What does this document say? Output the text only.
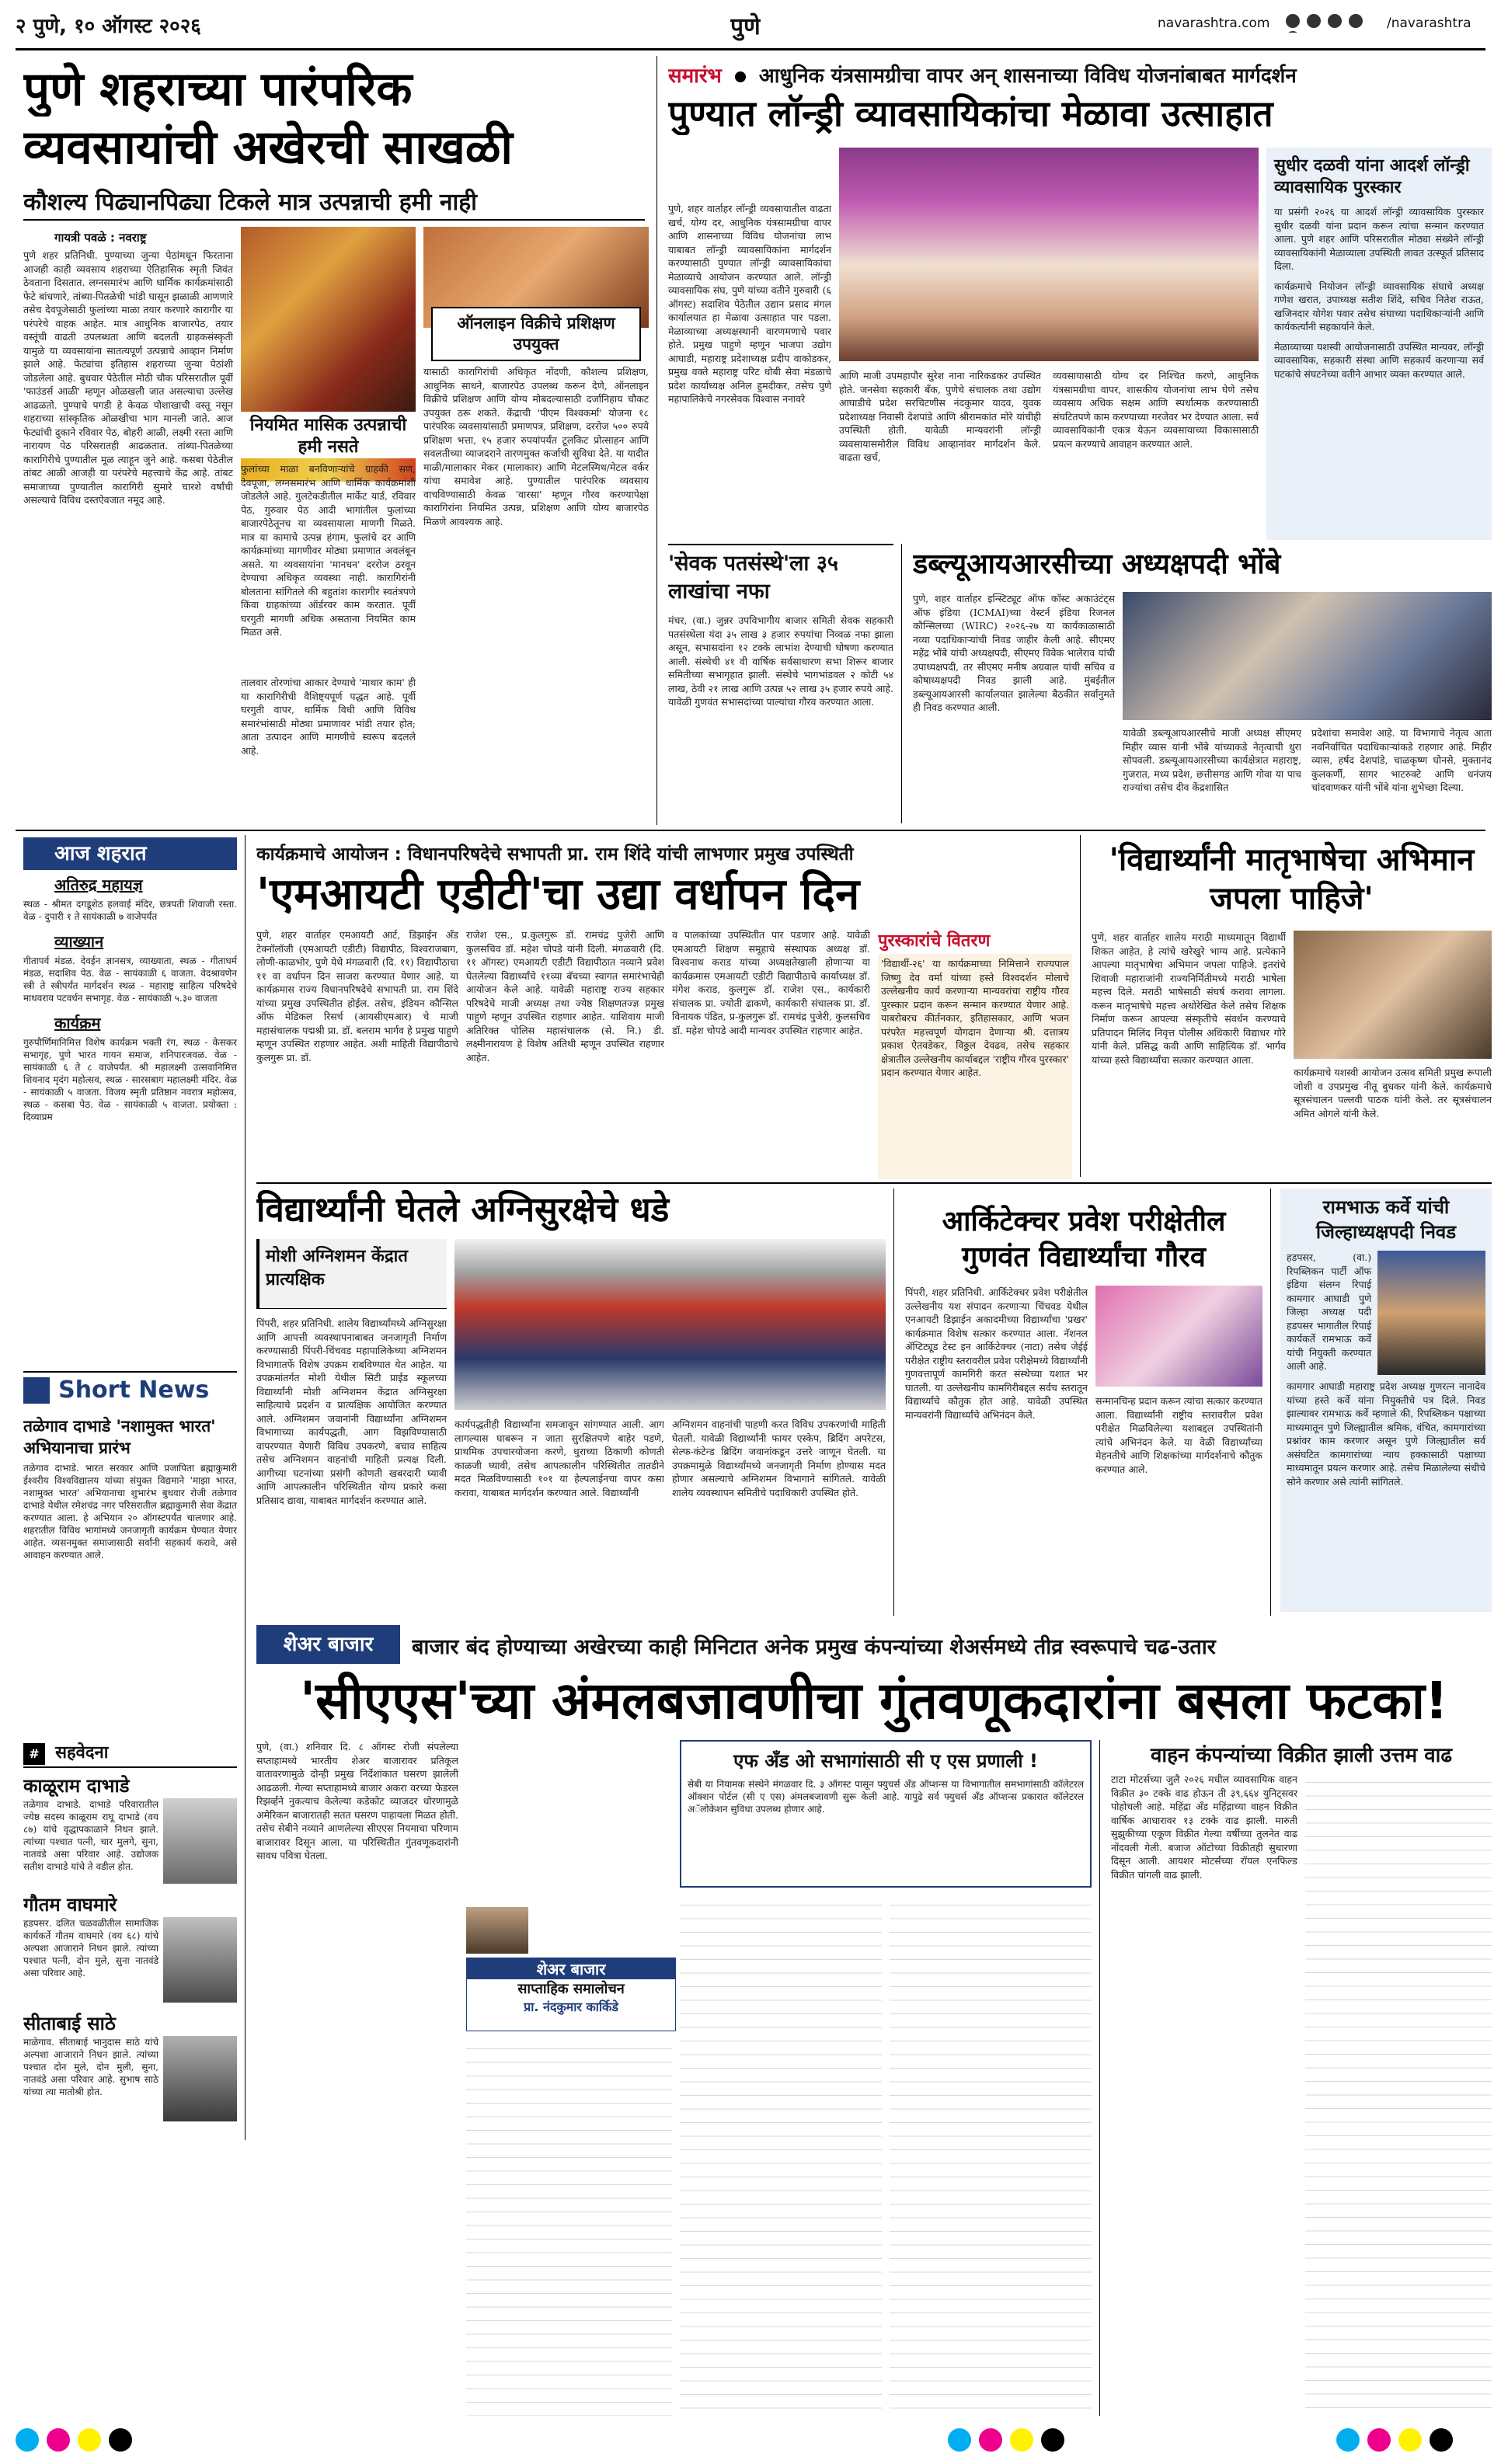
२ पुणे, १० ऑगस्ट २०२६	पुणे	navarashtra.com
	/navarashtra
पुणे शहराच्या पारंपरिक
व्यवसायांची अखेरची साखळी
कौशल्य पिढ्यानपिढ्या टिकले मात्र उत्पन्नाची हमी नाही
गायत्री पवळे : नवराष्ट्र
पुणे शहर प्रतिनिधी. पुण्याच्या जुन्या पेठांमधून फिरताना आजही काही व्यवसाय शहराच्या ऐतिहासिक स्मृती जिवंत ठेवताना दिसतात. लग्नसमारंभ आणि धार्मिक कार्यक्रमांसाठी फेटे बांधणारे, तांब्या-पितळेची भांडी घासून झळाळी आणणारे तसेच देवपूजेसाठी फुलांच्या माळा तयार करणारे कारागीर या परंपरेचे वाहक आहेत. मात्र आधुनिक बाजारपेठ, तयार वस्तूंची वाढती उपलब्धता आणि बदलती ग्राहकसंस्कृती यामुळे या व्यवसायांना सातत्यपूर्ण उत्पन्नाचे आव्हान निर्माण झाले आहे. फेट्यांचा इतिहास शहराच्या जुन्या पेठांशी जोडलेला आहे. बुधवार पेठेतील मोठी चौक परिसरातील पूर्वी 'फाउंडर्स आळी' म्हणून ओळखली जात असल्याचा उल्लेख आढळतो. पुण्याचे पगडी हे केवळ पोशाखाची वस्तू नसून शहराच्या सांस्कृतिक ओळखीचा भाग मानली जाते. आज फेट्यांची दुकाने रविवार पेठ, बोहरी आळी, लक्ष्मी रस्ता आणि नारायण पेठ परिसरातही आढळतात. तांब्या-पितळेच्या कारागिरीचे पुण्यातील मूळ त्याहून जुने आहे. कसबा पेठेतील तांबट आळी आजही या परंपरेचे महत्त्वाचे केंद्र आहे. तांबट समाजाच्या पुण्यातील कारागिरी सुमारे चारशे वर्षांची असल्याचे विविध दस्तऐवजात नमूद आहे.
नियमित मासिक उत्पन्नाची हमी नसते
फुलांच्या माळा बनविणाऱ्यांचे ग्राहकी सण, देवपूजा, लग्नसमारंभ आणि धार्मिक कार्यक्रमांशी जोडलेले आहे. गुलटेकडीतील मार्केट यार्ड, रविवार पेठ, गुरुवार पेठ आदी भागांतील फुलांच्या बाजारपेठेतूनच या व्यवसायाला माणगी मिळते. मात्र या कामाचे उत्पन्न हंगाम, फुलांचे दर आणि कार्यक्रमांच्या मागणीवर मोठ्या प्रमाणात अवलंबून असते. या व्यवसायांना 'मानधन' दररोज ठरवून देण्याचा अधिकृत व्यवस्था नाही. कारागिरांनी बोलताना सांगितले की बहुतांश कारागीर स्वतंत्रपणे किंवा ग्राहकांच्या ऑर्डरवर काम करतात. पूर्वी घरगुती मागणी अधिक असताना नियमित काम मिळत असे.
तालवार तोरणांचा आकार देण्याचे 'माथार काम' ही या कारागिरीची वैशिष्ट्यपूर्ण पद्धत आहे. पूर्वी घरगुती वापर, धार्मिक विधी आणि विविध समारंभांसाठी मोठ्या प्रमाणावर भांडी तयार होत; आता उत्पादन आणि मागणीचे स्वरूप बदलले आहे.
ऑनलाइन विक्रीचे प्रशिक्षण उपयुक्त
यासाठी कारागिरांची अधिकृत नोंदणी, कौशल्य प्रशिक्षण, आधुनिक साधने, बाजारपेठ उपलब्ध करून देणे, ऑनलाइन विक्रीचे प्रशिक्षण आणि योग्य मोबदल्यासाठी दर्जानिहाय चौकट उपयुक्त ठरू शकते. केंद्राची 'पीएम विश्वकर्मा' योजना १८ पारंपरिक व्यवसायांसाठी प्रमाणपत्र, प्रशिक्षण, दररोज ५०० रुपये प्रशिक्षण भत्ता, १५ हजार रुपयांपर्यंत टूलकिट प्रोत्साहन आणि सवलतीच्या व्याजदराने तारणमुक्त कर्जाची सुविधा देते. या यादीत माळी/मालाकार मेकर (मालाकार) आणि मेटलस्मिथ/मेटल वर्कर यांचा समावेश आहे. पुण्यातील पारंपरिक व्यवसाय वाचविण्यासाठी केवळ 'वारसा' म्हणून गौरव करण्यापेक्षा कारागिरांना नियमित उत्पन्न, प्रशिक्षण आणि योग्य बाजारपेठ मिळणे आवश्यक आहे.
समारंभ आधुनिक यंत्रसामग्रीचा वापर अन् शासनाच्या विविध योजनांबाबत मार्गदर्शन
पुण्यात लॉन्ड्री व्यावसायिकांचा मेळावा उत्साहात
पुणे, शहर वार्ताहर लॉन्ड्री व्यवसायातील वाढता खर्च, योग्य दर, आधुनिक यंत्रसामग्रीचा वापर आणि शासनाच्या विविध योजनांचा लाभ याबाबत लॉन्ड्री व्यावसायिकांना मार्गदर्शन करण्यासाठी पुण्यात लॉन्ड्री व्यावसायिकांचा मेळाव्याचे आयोजन करण्यात आले. लॉन्ड्री व्यावसायिक संघ, पुणे यांच्या वतीने गुरुवारी (६ ऑगस्ट) सदाशिव पेठेतील उद्यान प्रसाद मंगल कार्यालयात हा मेळावा उत्साहात पार पडला. मेळाव्याच्या अध्यक्षस्थानी वारणमणाचे पवार होते. प्रमुख पाहुणे म्हणून भाजपा उद्योग आघाडी, महाराष्ट्र प्रदेशाध्यक्ष प्रदीप वाकोडकर, प्रमुख वक्ते महाराष्ट्र परिट धोबी सेवा मंडळाचे प्रदेश कार्याध्यक्ष अनिल हुमदीकर, तसेच पुणे महापालिकेचे नगरसेवक विश्वास ननावरे
आणि माजी उपमहापौर सुरेश नाना नारिकडकर उपस्थित होते. जनसेवा सहकारी बँक, पुणेचे संचालक तथा उद्योग आघाडीचे प्रदेश सरचिटणीस नंदकुमार यादव, युवक प्रदेशाध्यक्ष निवासी देशपांडे आणि श्रीरामकांत मोरे यांचीही उपस्थिती होती. यावेळी मान्यवरांनी लॉन्ड्री व्यवसायासमोरील विविध आव्हानांवर मार्गदर्शन केले. वाढता खर्च,
व्यवसायासाठी योग्य दर निश्चित करणे, आधुनिक यंत्रसामग्रीचा वापर, शासकीय योजनांचा लाभ घेणे तसेच व्यवसाय अधिक सक्षम आणि स्पर्धात्मक करण्यासाठी संघटितपणे काम करण्याच्या गरजेवर भर देण्यात आला. सर्व व्यावसायिकांनी एकत्र येऊन व्यवसायाच्या विकासासाठी प्रयत्न करण्याचे आवाहन करण्यात आले.
सुधीर दळवी यांना आदर्श लॉन्ड्री व्यावसायिक पुरस्कार
या प्रसंगी २०२६ या आदर्श लॉन्ड्री व्यावसायिक पुरस्कार सुधीर दळवी यांना प्रदान करून त्यांचा सन्मान करण्यात आला. पुणे शहर आणि परिसरातील मोठ्या संख्येने लॉन्ड्री व्यावसायिकांनी मेळाव्याला उपस्थिती लावत उत्स्फूर्त प्रतिसाद दिला.
कार्यक्रमाचे नियोजन लॉन्ड्री व्यावसायिक संघाचे अध्यक्ष गणेश खरात, उपाध्यक्ष सतीश शिंदे, सचिव नितेश राऊत, खजिनदार योगेश पवार तसेच संघाच्या पदाधिकाऱ्यांनी आणि कार्यकर्त्यांनी सहकार्याने केले.
मेळाव्याच्या यशस्वी आयोजनासाठी उपस्थित मान्यवर, लॉन्ड्री व्यावसायिक, सहकारी संस्था आणि सहकार्य करणाऱ्या सर्व घटकांचे संघटनेच्या वतीने आभार व्यक्त करण्यात आले.
'सेवक पतसंस्थे'ला ३५ लाखांचा नफा
मंचर, (वा.) जुन्नर उपविभागीय बाजार समिती सेवक सहकारी पतसंस्थेला यंदा ३५ लाख ३ हजार रुपयांचा निव्वळ नफा झाला असून, सभासदांना १२ टक्के लाभांश देण्याची घोषणा करण्यात आली. संस्थेची ४१ वी वार्षिक सर्वसाधारण सभा शिरूर बाजार समितीच्या सभागृहात झाली. संस्थेचे भागभांडवल २ कोटी ५४ लाख, ठेवी २१ लाख आणि उत्पन्न ५२ लाख ३५ हजार रुपये आहे. यावेळी गुणवंत सभासदांच्या पाल्यांचा गौरव करण्यात आला.
डब्ल्यूआयआरसीच्या अध्यक्षपदी भोंबे
पुणे, शहर वार्ताहर इन्स्टिट्यूट ऑफ कॉस्ट अकाउंटंट्स ऑफ इंडिया (ICMAI)च्या वेस्टर्न इंडिया रिजनल कौन्सिलच्या (WIRC) २०२६-२७ या कार्यकाळासाठी नव्या पदाधिकाऱ्यांची निवड जाहीर केली आहे. सीएमए महेंद्र भोंबे यांची अध्यक्षपदी, सीएमए विवेक भालेराव यांची उपाध्यक्षपदी, तर सीएमए मनीष अग्रवाल यांची सचिव व कोषाध्यक्षपदी निवड झाली आहे. मुंबईतील डब्ल्यूआयआरसी कार्यालयात झालेल्या बैठकीत सर्वानुमते ही निवड करण्यात आली.
यावेळी डब्ल्यूआयआरसीचे माजी अध्यक्ष सीएमए मिहीर व्यास यांनी भोंबे यांच्याकडे नेतृत्वाची धुरा सोपवली. डब्ल्यूआयआरसीच्या कार्यक्षेत्रात महाराष्ट्र, गुजरात, मध्य प्रदेश, छत्तीसगड आणि गोवा या पाच राज्यांचा तसेच दीव केंद्रशासित
प्रदेशांचा समावेश आहे. या विभागाचे नेतृत्व आता नवनिर्वाचित पदाधिकाऱ्यांकडे राहणार आहे. मिहीर व्यास, हर्षद देशपांडे, चाळकृष्ण घोनसे, मुक्तानंद कुलकर्णी, सागर भाटरुक्टे आणि धनंजय चांदवाणकर यांनी भोंबे यांना शुभेच्छा दिल्या.
आज शहरात
अतिरुद्र महायज्ञ
स्थळ - श्रीमत दगडूशेठ हलवाई मंदिर, छत्रपती शिवाजी रस्ता. वेळ - दुपारी १ ते सायंकाळी ७ वाजेपर्यंत
व्याख्यान
गीतापर्व मंडळ. देवईन ज्ञानसत्र, व्याख्याता, स्थळ - गीताधर्म मंडळ, सदाशिव पेठ. वेळ - सायंकाळी ६ वाजता. वेदश्रावणेन स्त्री ते स्त्रीपर्यंत मार्गदर्शन स्थळ - महाराष्ट्र साहित्य परिषदेचे माधवराव पटवर्धन सभागृह. वेळ - सायंकाळी ५.३० वाजता
कार्यक्रम
गुरुपौर्णिमानिमित्त विशेष कार्यक्रम भक्ती रंग, स्थळ - केसकर सभागृह, पुणे भारत गायन समाज, शनिपारजवळ. वेळ - सायंकाळी ६ ते ८ वाजेपर्यंत. श्री महालक्ष्मी उत्सवानिमित्त शिवनाद मृदंग महोत्सव, स्थळ - सारसबाग महालक्ष्मी मंदिर. वेळ - सायंकाळी ५ वाजता. विजय स्मृती प्रतिष्ठान नवरात्र महोत्सव, स्थळ - कसबा पेठ. वेळ - सायंकाळी ५ वाजता. प्रयोक्ता : दिव्याप्रम
कार्यक्रमाचे आयोजन : विधानपरिषदेचे सभापती प्रा. राम शिंदे यांची लाभणार प्रमुख उपस्थिती
'एमआयटी एडीटी'चा उद्या वर्धापन दिन
पुणे, शहर वार्ताहर एमआयटी आर्ट, डिझाईन अँड टेक्नॉलॉजी (एमआयटी एडीटी) विद्यापीठ, विश्वराजबाग, लोणी-काळभोर, पुणे येथे मंगळवारी (दि. ११) विद्यापीठाचा ११ वा वर्धापन दिन साजरा करण्यात येणार आहे. या कार्यक्रमास राज्य विधानपरिषदेचे सभापती प्रा. राम शिंदे यांच्या प्रमुख उपस्थितीत होईल. तसेच, इंडियन कौन्सिल ऑफ मेडिकल रिसर्च (आयसीएमआर) चे माजी महासंचालक पद्मश्री प्रा. डॉ. बलराम भार्गव हे प्रमुख पाहुणे म्हणून उपस्थित राहणार आहेत. अशी माहिती विद्यापीठाचे कुलगुरू प्रा. डॉ.
राजेश एस., प्र.कुलगुरू डॉ. रामचंद्र पुजेरी आणि कुलसचिव डॉ. महेश चोपडे यांनी दिली. मंगळवारी (दि. ११ ऑगस्ट) एमआयटी एडीटी विद्यापीठात नव्याने प्रवेश घेतलेल्या विद्यार्थ्यांचे ११व्या बॅचच्या स्वागत समारंभाचेही आयोजन केले आहे. यावेळी महाराष्ट्र राज्य सहकार परिषदेचे माजी अध्यक्ष तथा ज्येष्ठ शिक्षणतज्ज्ञ प्रमुख पाहुणे म्हणून उपस्थित राहणार आहेत. याशिवाय माजी अतिरिक्त पोलिस महासंचालक (से. नि.) डी. लक्ष्मीनारायण हे विशेष अतिथी म्हणून उपस्थित राहणार आहेत.
व पालकांच्या उपस्थितीत पार पडणार आहे. यावेळी एमआयटी शिक्षण समूहाचे संस्थापक अध्यक्ष डॉ. विश्वनाथ कराड यांच्या अध्यक्षतेखाली होणाऱ्या या कार्यक्रमास एमआयटी एडीटी विद्यापीठाचे कार्याध्यक्ष डॉ. मंगेश कराड, कुलगुरू डॉ. राजेश एस., कार्यकारी संचालक प्रा. ज्योती ढाकणे, कार्यकारी संचालक प्रा. डॉ. विनायक पंडित, प्र-कुलगुरू डॉ. रामचंद्र पुजेरी, कुलसचिव डॉ. महेश चोपडे आदी मान्यवर उपस्थित राहणार आहेत.
पुरस्कारांचे वितरण
'विद्यार्थी-२६' या कार्यक्रमाच्या निमित्ताने राज्यपाल जिष्णु देव वर्मा यांच्या हस्ते विश्वदर्शन मोलाचे उल्लेखनीय कार्य करणाऱ्या मान्यवरांचा राष्ट्रीय गौरव पुरस्कार प्रदान करून सन्मान करण्यात येणार आहे. याबरोबरच कीर्तनकार, इतिहासकार, आणि भजन परंपरेत महत्त्वपूर्ण योगदान देणाऱ्या श्री. दत्तात्रय प्रकाश ऐतवडेकर, विठ्ठल देवढव, तसेच सहकार क्षेत्रातील उल्लेखनीय कार्याबद्दल 'राष्ट्रीय गौरव पुरस्कार' प्रदान करण्यात येणार आहेत.
'विद्यार्थ्यांनी मातृभाषेचा अभिमान जपला पाहिजे'
पुणे, शहर वार्ताहर शालेय मराठी माध्यमातून विद्यार्थी शिकत आहेत, हे त्यांचे खरेखुरे भाग्य आहे. प्रत्येकाने आपल्या मातृभाषेचा अभिमान जपला पाहिजे. इतरांचे शिवाजी महाराजांनी राज्यनिर्मितीमध्ये मराठी भाषेला महत्त्व दिले. मराठी भाषेसाठी संघर्ष करावा लागला. करून मातृभाषेचे महत्त्व अधोरेखित केले तसेच शिक्षक निर्माण करून आपल्या संस्कृतीचे संवर्धन करण्याचे प्रतिपादन मिलिंद निवृत्त पोलीस अधिकारी विद्याधर गोरे यांनी केले. प्रसिद्ध कवी आणि साहित्यिक डॉ. भार्गव यांच्या हस्ते विद्यार्थ्यांचा सत्कार करण्यात आला.
कार्यक्रमाचे यशस्वी आयोजन उत्सव समिती प्रमुख रूपाली जोशी व उपप्रमुख नीतू बुधकर यांनी केले. कार्यक्रमाचे सूत्रसंचालन पल्लवी पाठक यांनी केले. तर सूत्रसंचालन अमित ओगले यांनी केले.
विद्यार्थ्यांनी घेतले अग्निसुरक्षेचे धडे
मोशी अग्निशमन केंद्रात प्रात्यक्षिक
पिंपरी, शहर प्रतिनिधी. शालेय विद्यार्थ्यांमध्ये अग्निसुरक्षा आणि आपत्ती व्यवस्थापनाबाबत जनजागृती निर्माण करण्यासाठी पिंपरी-चिंचवड महापालिकेच्या अग्निशमन विभागातर्फे विशेष उपक्रम राबविण्यात येत आहेत. या उपक्रमांतर्गत मोशी येथील सिटी प्राईड स्कूलच्या विद्यार्थ्यांनी मोशी अग्निशमन केंद्रात अग्निसुरक्षा साहित्याचे प्रदर्शन व प्रात्यक्षिक आयोजित करण्यात आले. अग्निशमन जवानांनी विद्यार्थ्यांना अग्निशमन विभागाच्या कार्यपद्धती, आग विझविण्यासाठी वापरण्यात येणारी विविध उपकरणे, बचाव साहित्य तसेच अग्निशमन वाहनांची माहिती प्रत्यक्ष दिली. आगीच्या घटनांच्या प्रसंगी कोणती खबरदारी घ्यावी आणि आपत्कालीन परिस्थितीत योग्य प्रकारे कसा प्रतिसाद द्यावा, याबाबत मार्गदर्शन करण्यात आले.
कार्यपद्धतीही विद्यार्थ्यांना समजावून सांगण्यात आली. आग लागल्यास घाबरून न जाता सुरक्षितपणे बाहेर पडणे, प्राथमिक उपचारयोजना करणे, धुराच्या ठिकाणी कोणती काळजी घ्यावी, तसेच आपत्कालीन परिस्थितीत तातडीने मदत मिळविण्यासाठी १०१ या हेल्पलाईनचा वापर कसा करावा, याबाबत मार्गदर्शन करण्यात आले. विद्यार्थ्यांनी
अग्निशमन वाहनांची पाहणी करत विविध उपकरणांची माहिती घेतली. यावेळी विद्यार्थ्यांनी फायर एस्केप, ब्रिदिंग अपरेटस, सेल्फ-कंटेन्ड ब्रिदिंग जवानांकडून उत्तरे जाणून घेतली. या उपक्रमामुळे विद्यार्थ्यांमध्ये जनजागृती निर्माण होण्यास मदत होणार असल्याचे अग्निशमन विभागाने सांगितले. यावेळी शालेय व्यवस्थापन समितीचे पदाधिकारी उपस्थित होते.
आर्किटेक्चर प्रवेश परीक्षेतील गुणवंत विद्यार्थ्यांचा गौरव
पिंपरी, शहर प्रतिनिधी. आर्किटेक्चर प्रवेश परीक्षेतील उल्लेखनीय यश संपादन करणाऱ्या चिंचवड येथील एनआयटी डिझाईन अकादमीच्या विद्यार्थ्यांचा 'प्रखर' कार्यक्रमात विशेष सत्कार करण्यात आला. नॅशनल ॲप्टिट्यूड टेस्ट इन आर्किटेक्चर (नाटा) तसेच जेईई परीक्षेत राष्ट्रीय स्तरावरील प्रवेश परीक्षेमध्ये विद्यार्थ्यांनी गुणवत्तापूर्ण कामगिरी करत संस्थेच्या यशात भर घातली. या उल्लेखनीय कामगिरीबद्दल सर्वच स्तरातून विद्यार्थ्यांचे कौतुक होत आहे. यावेळी उपस्थित मान्यवरांनी विद्यार्थ्यांचे अभिनंदन केले.
सन्मानचिन्ह प्रदान करून त्यांचा सत्कार करण्यात आला. विद्यार्थ्यांनी राष्ट्रीय स्तरावरील प्रवेश परीक्षेत मिळविलेल्या यशाबद्दल उपस्थितांनी त्यांचे अभिनंदन केले. या वेळी विद्यार्थ्यांच्या मेहनतीचे आणि शिक्षकांच्या मार्गदर्शनाचे कौतुक करण्यात आले.
रामभाऊ कर्वे यांची जिल्हाध्यक्षपदी निवड
हडपसर, (वा.) रिपब्लिकन पार्टी ऑफ इंडिया संलग्न रिपाई कामगार आघाडी पुणे जिल्हा अध्यक्ष पदी हडपसर भागातील रिपाई कार्यकर्ते रामभाऊ कर्वे यांची नियुक्ती करण्यात आली आहे.
कामगार आघाडी महाराष्ट्र प्रदेश अध्यक्ष गुणरत्न नानादेव यांच्या हस्ते कर्वे यांना नियुक्तीचे पत्र दिले. निवड झाल्यावर रामभाऊ कर्वे म्हणाले की, रिपब्लिकन पक्षाच्या माध्यमातून पुणे जिल्ह्यातील श्रमिक, वंचित, कामगारांच्या प्रश्नांवर काम करणार असून पुणे जिल्ह्यातील सर्व असंघटित कामगारांच्या न्याय हक्कासाठी पक्षाच्या माध्यमातून प्रयत्न करणार आहे. तसेच मिळालेल्या संधीचे सोने करणार असे त्यांनी सांगितले.
Short News
तळेगाव दाभाडे 'नशामुक्त भारत' अभियानाचा प्रारंभ
तळेगाव दाभाडे. भारत सरकार आणि प्रजापिता ब्रह्माकुमारी ईश्वरीय विश्वविद्यालय यांच्या संयुक्त विद्यमाने 'माझा भारत, नशामुक्त भारत' अभियानाचा शुभारंभ बुधवार रोजी तळेगाव दाभाडे येथील रमेशचंद्र नगर परिसरातील ब्रह्माकुमारी सेवा केंद्रात करण्यात आला. हे अभियान २० ऑगस्टपर्यंत चालणार आहे. शहरातील विविध भागांमध्ये जनजागृती कार्यक्रम घेण्यात येणार आहेत. व्यसनमुक्त समाजासाठी सर्वांनी सहकार्य करावे, असे आवाहन करण्यात आले.
# सहवेदना
काळूराम दाभाडे
तळेगाव दाभाडे. दाभाडे परिवारातील ज्येष्ठ सदस्य काळूराम राघू दाभाडे (वय ८७) यांचे वृद्धापकाळाने निधन झाले. त्यांच्या पश्चात पत्नी, चार मुलगे, सुना, नातवंडे असा परिवार आहे. उद्योजक सतीश दाभाडे यांचे ते वडील होत.
गौतम वाघमारे
हडपसर. दलित चळवळीतील सामाजिक कार्यकर्ते गौतम वाघमारे (वय ६८) यांचे अल्पशा आजाराने निधन झाले. त्यांच्या पश्चात पत्नी, दोन मुले, सुना नातवंडे असा परिवार आहे.
सीताबाई साठे
माळेगाव. सीताबाई भानुदास साठे यांचे अल्पशा आजाराने निधन झाले. त्यांच्या पश्चात दोन मुले, दोन मुली, सुना, नातवंडे असा परिवार आहे. सुभाष साठे यांच्या त्या मातोश्री होत.
शेअर बाजार	बाजार बंद होण्याच्या अखेरच्या काही मिनिटात अनेक प्रमुख कंपन्यांच्या शेअर्समध्ये तीव्र स्वरूपाचे चढ-उतार
'सीएएस'च्या अंमलबजावणीचा गुंतवणूकदारांना बसला फटका!
पुणे, (वा.) शनिवार दि. ८ ऑगस्ट रोजी संपलेल्या सप्ताहामध्ये भारतीय शेअर बाजारावर प्रतिकूल वातावरणामुळे दोन्ही प्रमुख निर्देशांकात घसरण झालेली आढळली. गेल्या सप्ताहामध्ये बाजार अकरा वरच्या फेडरल रिझर्व्हने नुकत्याच केलेल्या कडेकोट व्याजदर धोरणामुळे अमेरिकन बाजारातही सतत घसरण पाहायला मिळत होती. तसेच सेबीने नव्याने आणलेल्या सीएएस नियमाचा परिणाम बाजारावर दिसून आला. या परिस्थितीत गुंतवणूकदारांनी सावध पवित्रा घेतला.
शेअर बाजार
साप्ताहिक समालोचन
प्रा. नंदकुमार कार्किडे
एफ अँड ओ सभागांसाठी सी ए एस प्रणाली !
सेबी या नियामक संस्थेने मंगळवार दि. ३ ऑगस्ट पासून फ्युचर्स अँड ऑप्शन्स या विभागातील समभागांसाठी कॉलेटरल ऑक्शन पोर्टल (सी ए एस) अंमलबजावणी सुरू केली आहे. यापुढे सर्व फ्युचर्स अँड ऑप्शन्स प्रकारात कॉलेटरल अॅलोकेशन सुविधा उपलब्ध होणार आहे.
वाहन कंपन्यांच्या विक्रीत झाली उत्तम वाढ
टाटा मोटर्सच्या जुलै २०२६ मधील व्यावसायिक वाहन विक्रीत ३० टक्के वाढ होऊन ती ३९,६६४ युनिट्सवर पोहोचली आहे. महिंद्रा अँड महिंद्राच्या वाहन विक्रीत वार्षिक आधारावर १३ टक्के वाढ झाली. मारुती सुझुकीच्या एकूण विक्रीत गेल्या वर्षीच्या तुलनेत वाढ नोंदवली गेली. बजाज ऑटोच्या विक्रीतही सुधारणा दिसून आली. आयशर मोटर्सच्या रॉयल एनफिल्ड विक्रीत चांगली वाढ झाली.
